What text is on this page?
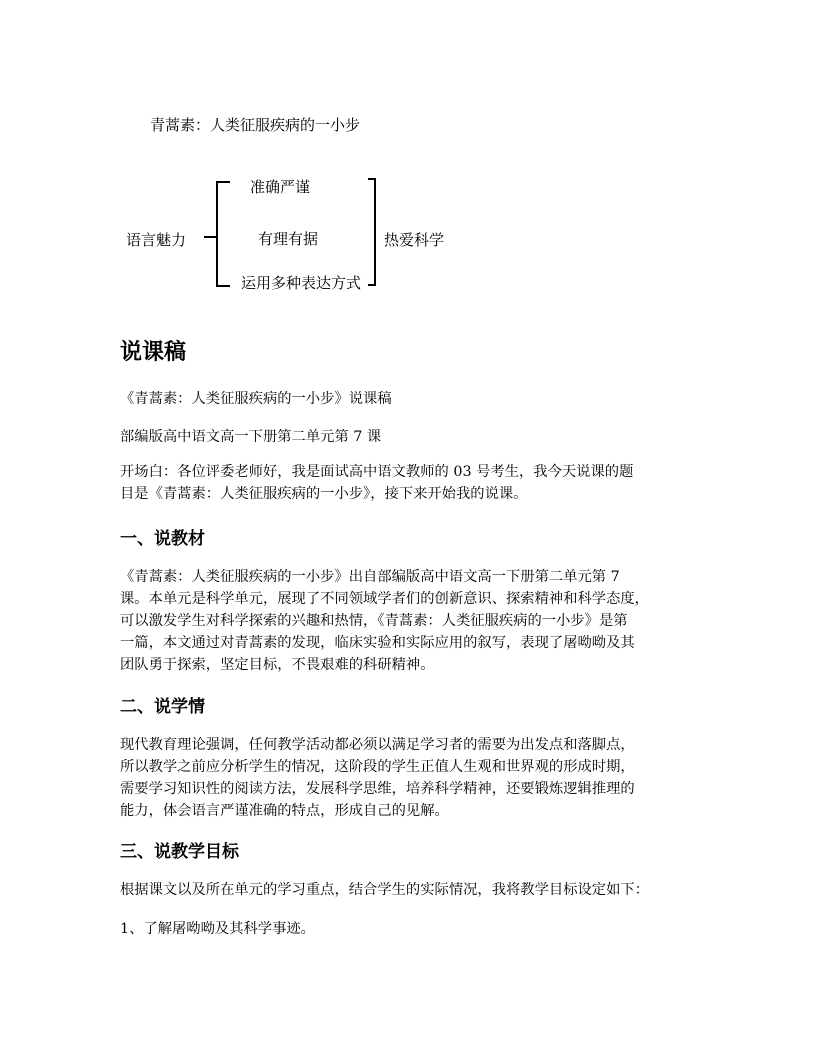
青蒿素：人类征服疾病的一小步
语言魅力
准确严谨
有理有据
运用多种表达方式
热爱科学
说课稿
《青蒿素：人类征服疾病的一小步》说课稿
部编版高中语文高一下册第二单元第 7 课
开场白：各位评委老师好，我是面试高中语文教师的 03 号考生，我今天说课的题
目是《青蒿素：人类征服疾病的一小步》，接下来开始我的说课。
一、说教材
《青蒿素：人类征服疾病的一小步》出自部编版高中语文高一下册第二单元第 7
课。本单元是科学单元，展现了不同领域学者们的创新意识、探索精神和科学态度，
可以激发学生对科学探索的兴趣和热情，《青蒿素：人类征服疾病的一小步》是第
一篇，本文通过对青蒿素的发现，临床实验和实际应用的叙写，表现了屠呦呦及其
团队勇于探索，坚定目标，不畏艰难的科研精神。
二、说学情
现代教育理论强调，任何教学活动都必须以满足学习者的需要为出发点和落脚点，
所以教学之前应分析学生的情况，这阶段的学生正值人生观和世界观的形成时期，
需要学习知识性的阅读方法，发展科学思维，培养科学精神，还要锻炼逻辑推理的
能力，体会语言严谨准确的特点，形成自己的见解。
三、说教学目标
根据课文以及所在单元的学习重点，结合学生的实际情况，我将教学目标设定如下：
1、了解屠呦呦及其科学事迹。
